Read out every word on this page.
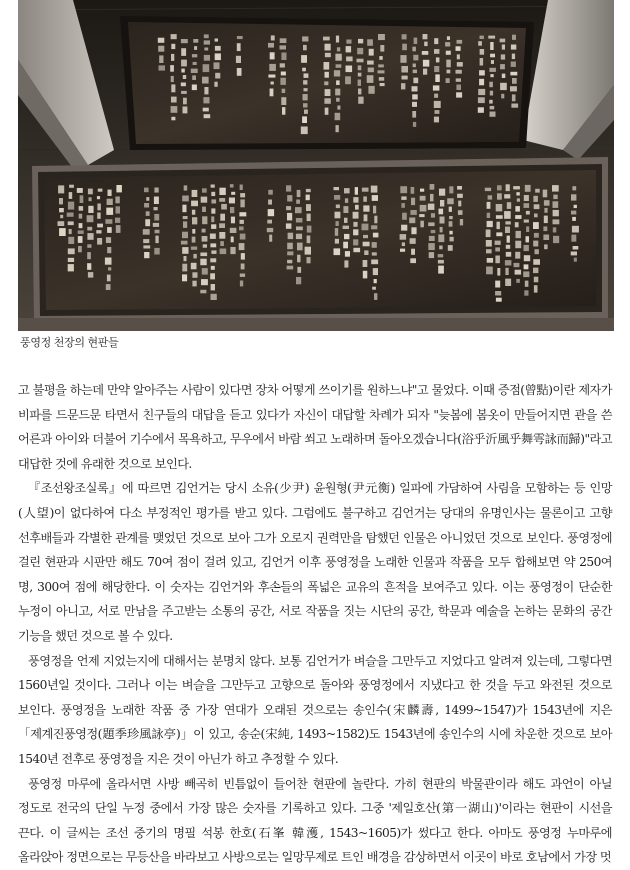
풍영정 천장의 현판들

고 불평을 하는데 만약 알아주는 사람이 있다면 장차 어떻게 쓰이기를 원하느냐"고 물었다. 이때 증점(曾點)이란 제자가 비파를 드문드문 타면서 친구들의 대답을 듣고 있다가 자신이 대답할 차례가 되자 "늦봄에 봄옷이 만들어지면 관을 쓴 어른과 아이와 더불어 기수에서 목욕하고, 무우에서 바람 쐬고 노래하며 돌아오겠습니다(浴乎沂風乎舞雩詠而歸)"라고 대답한 것에 유래한 것으로 보인다.

『조선왕조실록』에 따르면 김언거는 당시 소유(少尹) 윤원형(尹元衡) 일파에 가담하여 사림을 모함하는 등 인망(人望)이 없다하여 다소 부정적인 평가를 받고 있다. 그럼에도 불구하고 김언거는 당대의 유명인사는 물론이고 고향 선후배들과 각별한 관계를 맺었던 것으로 보아 그가 오로지 권력만을 탐했던 인물은 아니었던 것으로 보인다. 풍영정에 걸린 현판과 시판만 해도 70여 점이 걸려 있고, 김언거 이후 풍영정을 노래한 인물과 작품을 모두 합해보면 약 250여 명, 300여 점에 해당한다. 이 숫자는 김언거와 후손들의 폭넓은 교유의 흔적을 보여주고 있다. 이는 풍영정이 단순한 누정이 아니고, 서로 만남을 주고받는 소통의 공간, 서로 작품을 짓는 시단의 공간, 학문과 예술을 논하는 문화의 공간 기능을 했던 것으로 볼 수 있다.

풍영정을 언제 지었는지에 대해서는 분명치 않다. 보통 김언거가 벼슬을 그만두고 지었다고 알려져 있는데, 그렇다면 1560년일 것이다. 그러나 이는 벼슬을 그만두고 고향으로 돌아와 풍영정에서 지냈다고 한 것을 두고 와전된 것으로 보인다. 풍영정을 노래한 작품 중 가장 연대가 오래된 것으로는 송인수(宋麟壽, 1499~1547)가 1543년에 지은 「제계진풍영정(題季珍風詠亭)」이 있고, 송순(宋純, 1493~1582)도 1543년에 송인수의 시에 차운한 것으로 보아 1540년 전후로 풍영정을 지은 것이 아닌가 하고 추정할 수 있다.

풍영정 마루에 올라서면 사방 빼곡히 빈틈없이 들어찬 현판에 놀란다. 가히 현판의 박물관이라 해도 과언이 아닐 정도로 전국의 단일 누정 중에서 가장 많은 숫자를 기록하고 있다. 그중 '제일호산(第一湖山)'이라는 현판이 시선을 끈다. 이 글씨는 조선 중기의 명필 석봉 한호(石峯 韓濩, 1543~1605)가 썼다고 한다. 아마도 풍영정 누마루에 올라앉아 정면으로는 무등산을 바라보고 사방으로는 일망무제로 트인 배경을 감상하면서 이곳이 바로 호남에서 가장 멋
